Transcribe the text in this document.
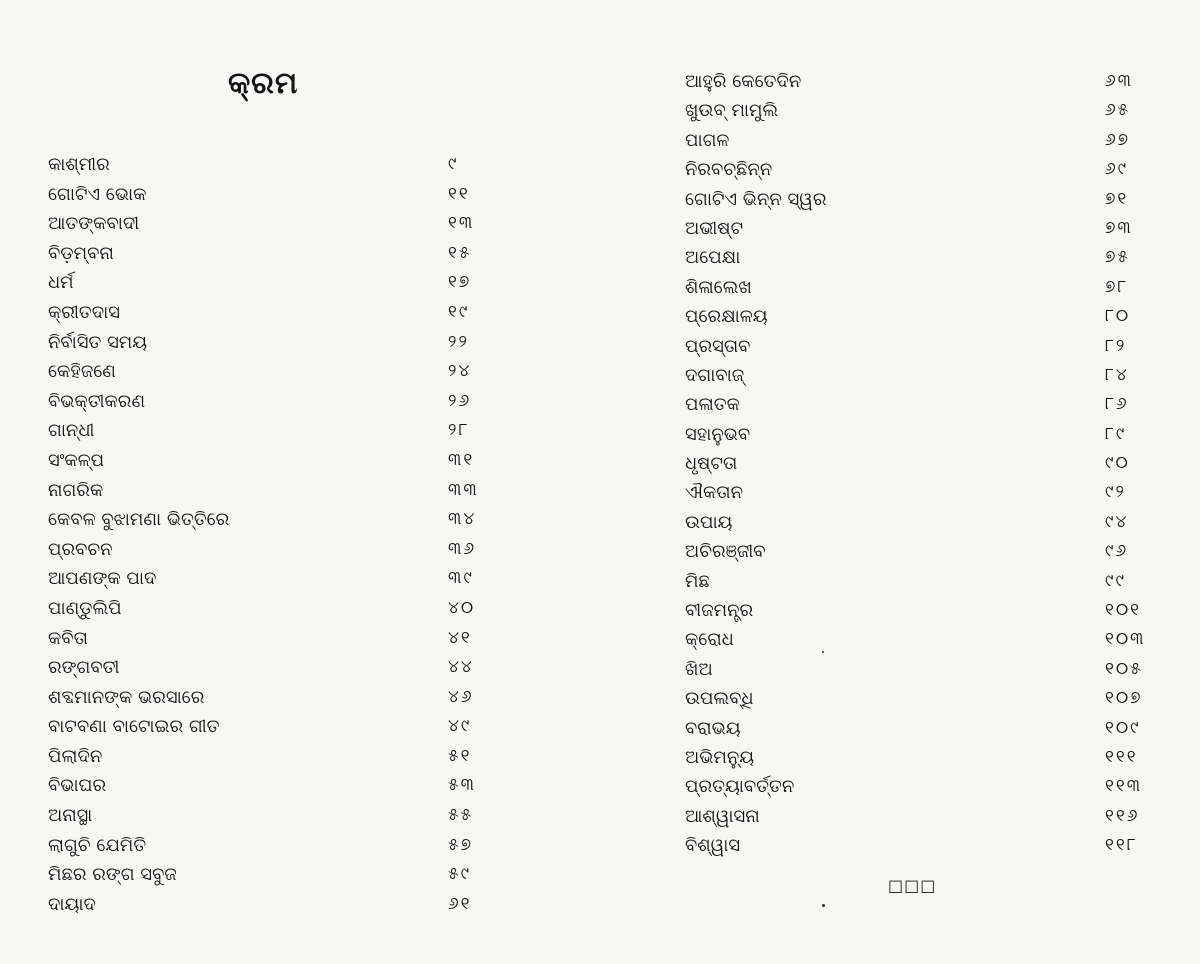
କ୍ରମ
କାଶ୍ମୀର	୯
ଗୋଟିଏ ଭୋକ	୧୧
ଆତଙ୍କବାଦୀ	୧୩
ବିଡ଼ମ୍ବନା	୧୫
ଧର୍ମ	୧୭
କ୍ରୀତଦାସ	୧୯
ନିର୍ବାସିତ ସମୟ	୨୨
କେହିଜଣେ	୨୪
ବିଭକ୍ତୀକରଣ	୨୬
ଗାନ୍ଧୀ	୨୮
ସଂକଳ୍ପ	୩୧
ନାଗରିକ	୩୩
କେବଳ ବୁଝାମଣା ଭିତ୍ତିରେ	୩୪
ପ୍ରବଚନ	୩୬
ଆପଣଙ୍କ ପାଦ	୩୯
ପାଣ୍ଡୁଲିପି	୪୦
କବିତା	୪୧
ରଙ୍ଗବତୀ	୪୪
ଶବ୍ଦମାନଙ୍କ ଭରସାରେ	୪୬
ବାଟବଣା ବାଟୋଇର ଗୀତ	୪୯
ପିଲାଦିନ	୫୧
ବିଭାଘର	୫୩
ଅନାସ୍ଥା	୫୫
ଲାଗୁଚି ଯେମିତି	୫୭
ମିଛର ରଙ୍ଗ ସବୁଜ	୫୯
ଦାୟାଦ	୬୧
ଆହୁରି କେତେଦିନ	୬୩
ଖୁଉବ୍ ମାମୁଲି	୬୫
ପାଗଳ	୬୭
ନିରବଚ୍ଛିନ୍ନ	୬୯
ଗୋଟିଏ ଭିନ୍ନ ସ୍ୱର	୭୧
ଅଭୀଷ୍ଟ	୭୩
ଅପେକ୍ଷା	୭୫
ଶିଳାଲେଖ	୭୮
ପ୍ରେକ୍ଷାଳୟ	୮୦
ପ୍ରସ୍ତାବ	୮୨
ଦଗାବାଜ୍	୮୪
ପଳାତକ	୮୬
ସହାନୁଭବ	୮୯
ଧୃଷ୍ଟତା	୯୦
ଐକତାନ	୯୨
ଉପାୟ	୯୪
ଅଚିରଞ୍ଜୀବ	୯୬
ମିଛ	୯୯
ବୀଜମନ୍ତ୍ର	୧୦୧
କ୍ରୋଧ	୧୦୩
ଖିଅ	୧୦୫
ଉପଲବ୍ଧି	୧୦୭
ବରାଭୟ	୧୦୯
ଅଭିମନ୍ୟୁ	୧୧୧
ପ୍ରତ୍ୟାବର୍ତ୍ତନ	୧୧୩
ଆଶ୍ୱାସନା	୧୧୬
ବିଶ୍ୱାସ	୧୧୮
□□□
